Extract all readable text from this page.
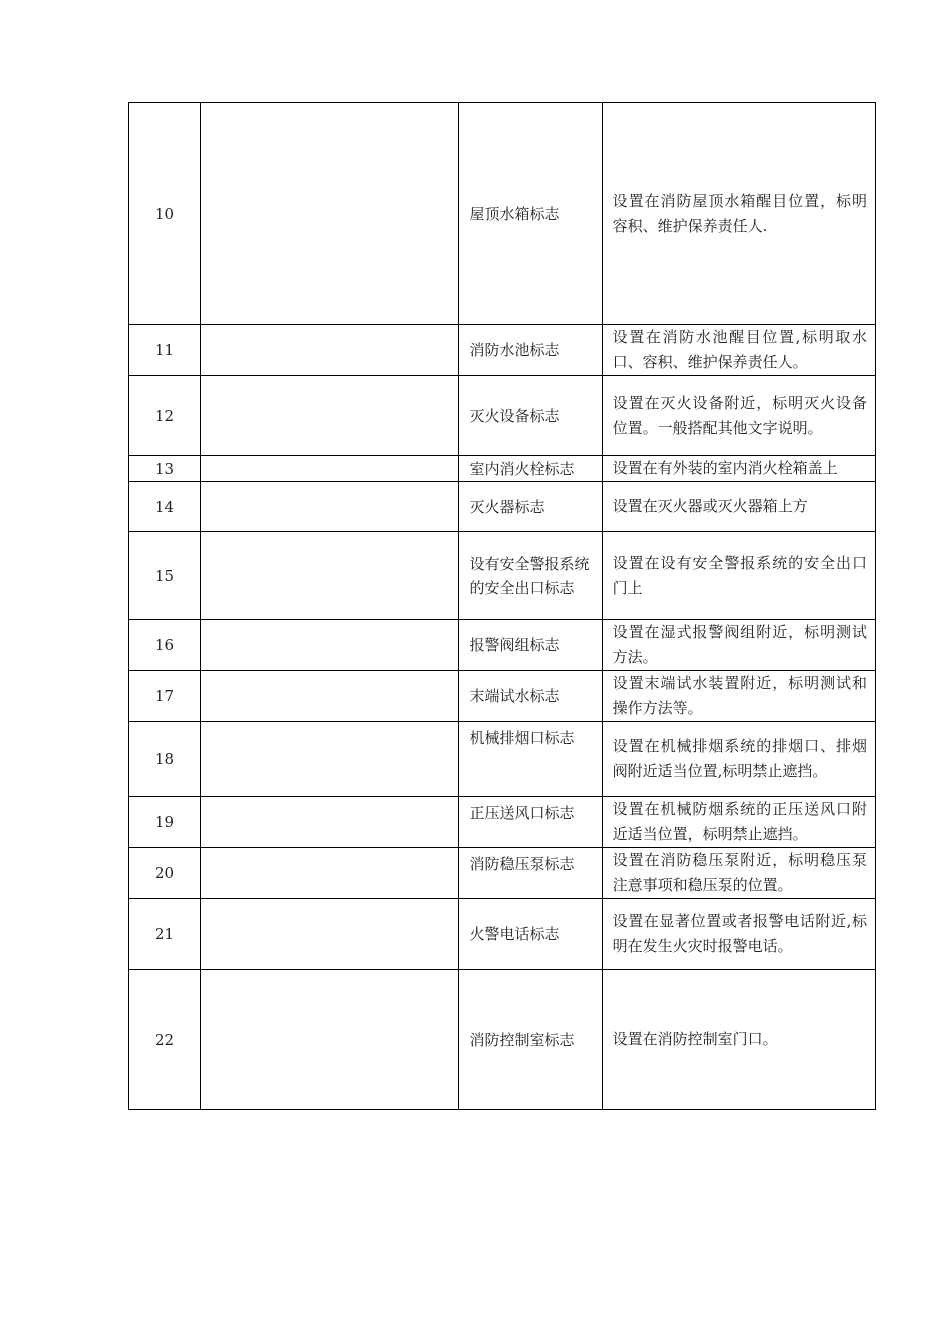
10		屋顶水箱标志	设置在消防屋顶水箱醒目位置，标明容积、维护保养责任人.
11		消防水池标志	设置在消防水池醒目位置,标明取水口、容积、维护保养责任人。
12		灭火设备标志	设置在灭火设备附近，标明灭火设备位置。一般搭配其他文字说明。
13		室内消火栓标志	设置在有外装的室内消火栓箱盖上
14		灭火器标志	设置在灭火器或灭火器箱上方
15		设有安全警报系统的安全出口标志	设置在设有安全警报系统的安全出口门上
16		报警阀组标志	设置在湿式报警阀组附近，标明测试方法。
17		末端试水标志	设置末端试水装置附近，标明测试和操作方法等。
18		机械排烟口标志	设置在机械排烟系统的排烟口、排烟阀附近适当位置,标明禁止遮挡。
19		正压送风口标志	设置在机械防烟系统的正压送风口附近适当位置，标明禁止遮挡。
20		消防稳压泵标志	设置在消防稳压泵附近，标明稳压泵注意事项和稳压泵的位置。
21		火警电话标志	设置在显著位置或者报警电话附近,标明在发生火灾时报警电话。
22		消防控制室标志	设置在消防控制室门口。
